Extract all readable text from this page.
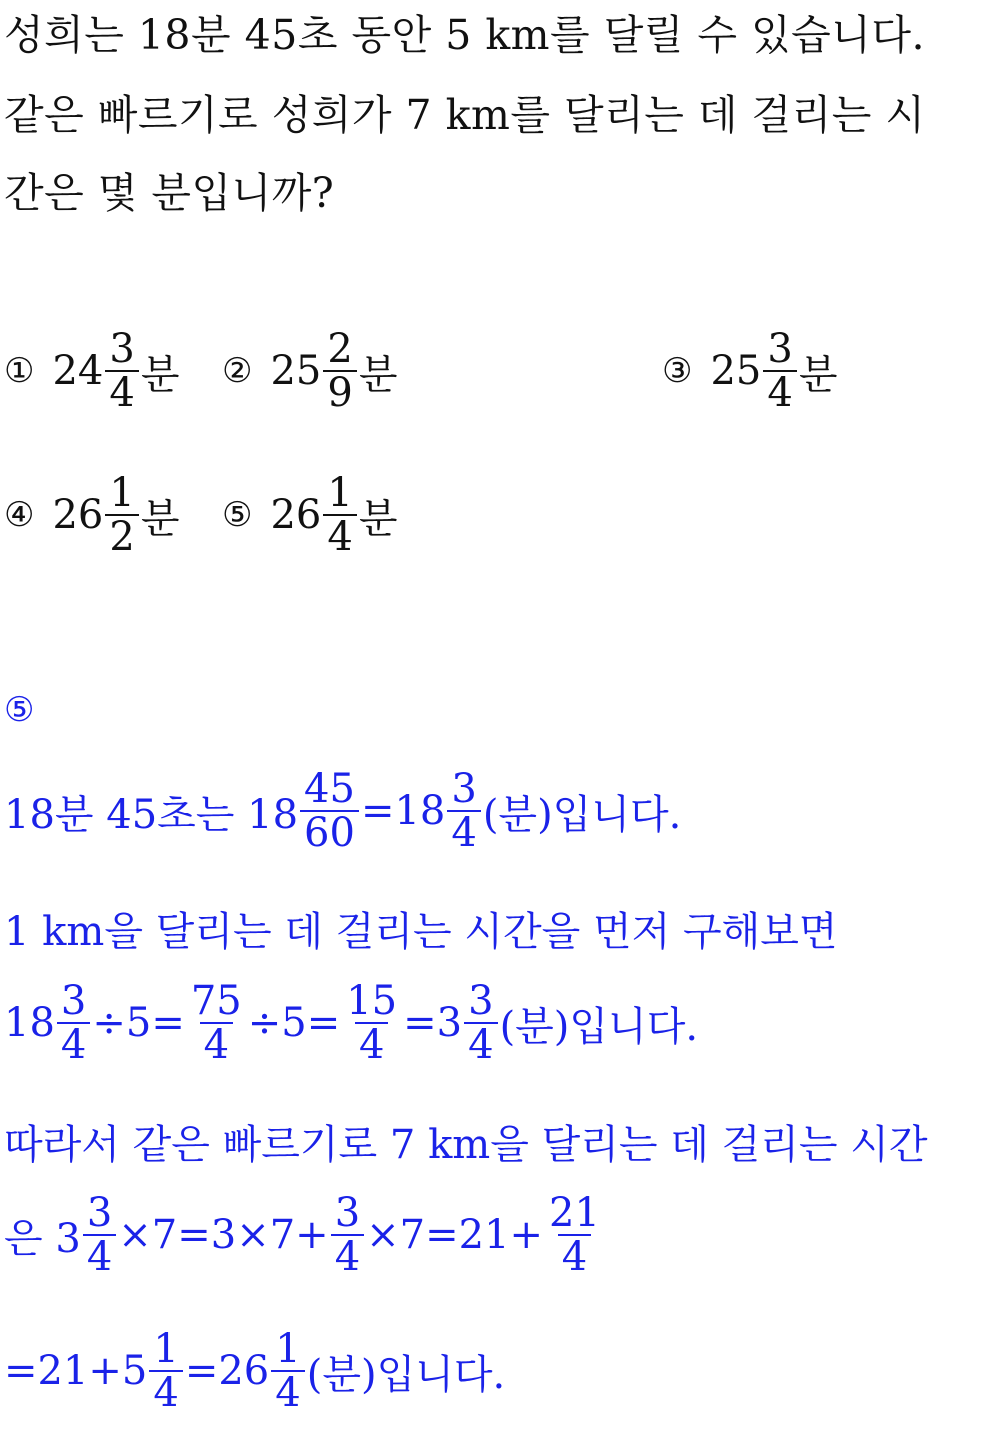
성희는 18분 45초 동안 5 km를 달릴 수 있습니다.
같은 빠르기로 성희가 7 km를 달리는 데 걸리는 시
간은 몇 분입니까?
① $24 \frac{3}{4}$ 분 ② $25 \frac{2}{9}$ 분	③ $25 \frac{3}{4}$ 분
④ $26 \frac{1}{2}$ 분 ⑤ $26 \frac{1}{4}$ 분
⑤
18분 45초는 $18 \frac{45}{60} =18 \frac{3}{4}$ (분)입니다.
1 km을 달리는 데 걸리는 시간을 먼저 구해보면
$18 \frac{3}{4} \div 5= \frac{75}{4} \div 5= \frac{15}{4} =3 \frac{3}{4}$ (분)입니다.
따라서 같은 빠르기로 7 km을 달리는 데 걸리는 시간
은 $3 \frac{3}{4} \times 7=3\times 7+ \frac{3}{4} \times 7=21+ \frac{21}{4}$
$=21+5 \frac{1}{4} =26 \frac{1}{4}$ (분)입니다.
